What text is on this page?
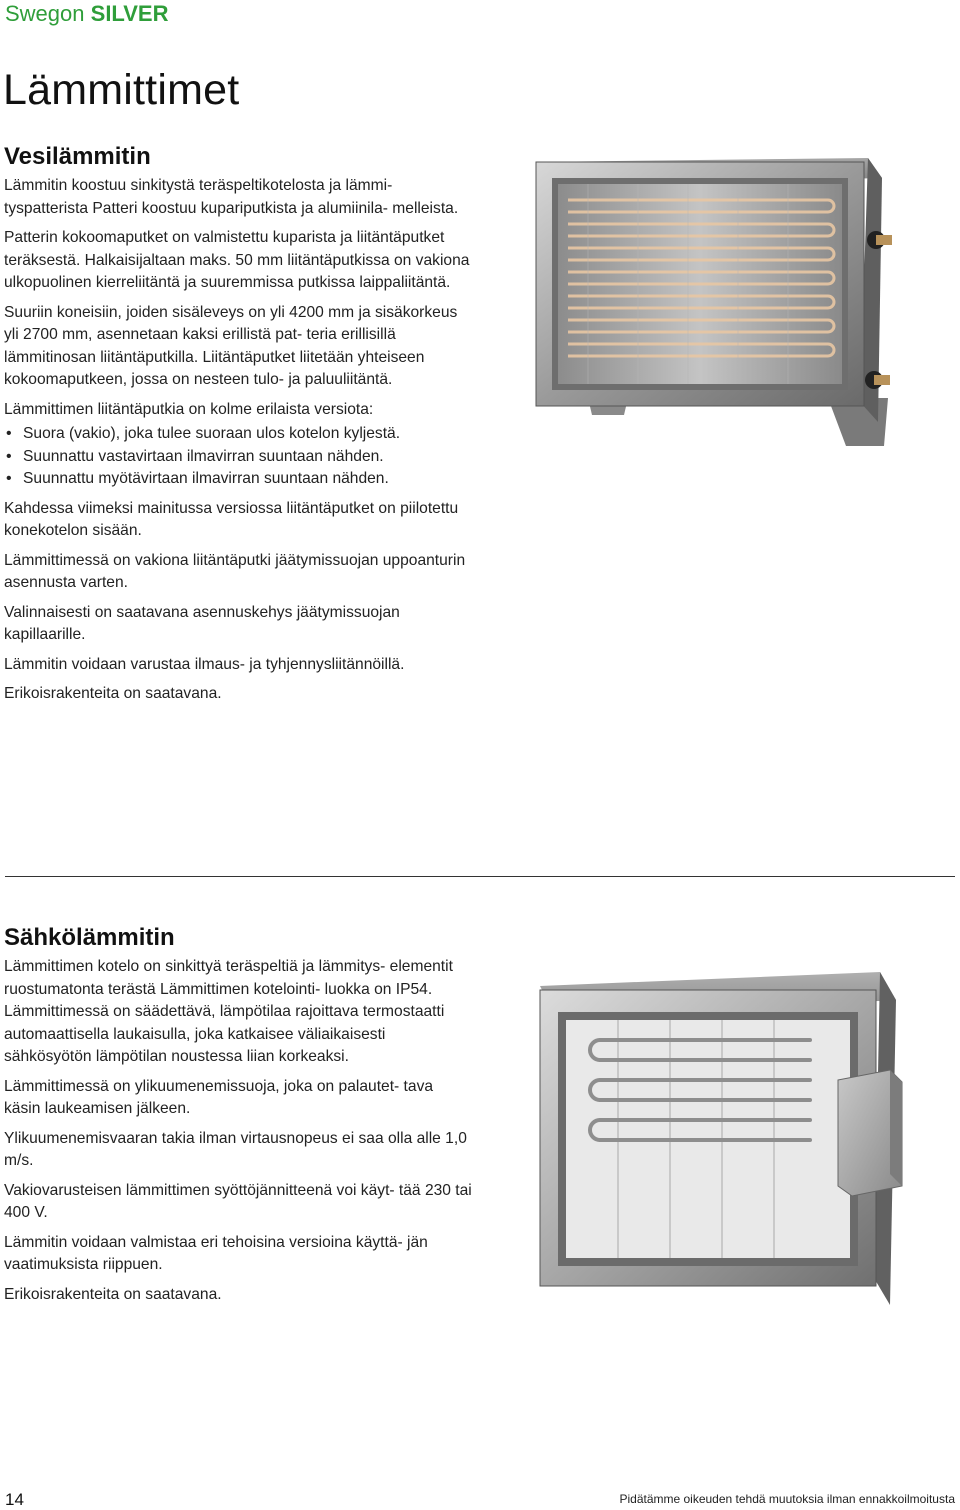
Swegon SILVER
Lämmittimet
Vesilämmitin

Lämmitin koostuu sinkitystä teräspeltikotelosta ja lämmi- tyspatterista Patteri koostuu kupariputkista ja alumiinila- melleista.

Patterin kokoomaputket on valmistettu kuparista ja liitäntäputket teräksestä. Halkaisijaltaan maks. 50 mm liitäntäputkissa on vakiona ulkopuolinen kierreliitäntä ja suuremmissa putkissa laippaliitäntä.

Suuriin koneisiin, joiden sisäleveys on yli 4200 mm ja sisäkorkeus yli 2700 mm, asennetaan kaksi erillistä pat- teria erillisillä lämmitinosan liitäntäputkilla. Liitäntäputket liitetään yhteiseen kokoomaputkeen, jossa on nesteen tulo- ja paluuliitäntä.

Lämmittimen liitäntäputkia on kolme erilaista versiota:

• Suora (vakio), joka tulee suoraan ulos kotelon kyljestä.
• Suunnattu vastavirtaan ilmavirran suuntaan nähden.
• Suunnattu myötävirtaan ilmavirran suuntaan nähden.

Kahdessa viimeksi mainitussa versiossa liitäntäputket on piilotettu konekotelon sisään.

Lämmittimessä on vakiona liitäntäputki jäätymissuojan uppoanturin asennusta varten.

Valinnaisesti on saatavana asennuskehys jäätymissuojan kapillaarille.

Lämmitin voidaan varustaa ilmaus- ja tyhjennysliitännöillä.

Erikoisrakenteita on saatavana.

Sähkölämmitin

Lämmittimen kotelo on sinkittyä teräspeltiä ja lämmitys- elementit ruostumatonta terästä Lämmittimen kotelointi- luokka on IP54. Lämmittimessä on säädettävä, lämpötilaa rajoittava termostaatti automaattisella laukaisulla, joka katkaisee väliaikaisesti sähkösyötön lämpötilan noustessa liian korkeaksi.

Lämmittimessä on ylikuumenemissuoja, joka on palautet- tava käsin laukeamisen jälkeen.

Ylikuumenemisvaaran takia ilman virtausnopeus ei saa olla alle 1,0 m/s.

Vakiovarusteisen lämmittimen syöttöjännitteenä voi käyt- tää 230 tai 400 V.

Lämmitin voidaan valmistaa eri tehoisina versioina käyttä- jän vaatimuksista riippuen.

Erikoisrakenteita on saatavana.

14	Pidätämme oikeuden tehdä muutoksia ilman ennakkoilmoitusta
